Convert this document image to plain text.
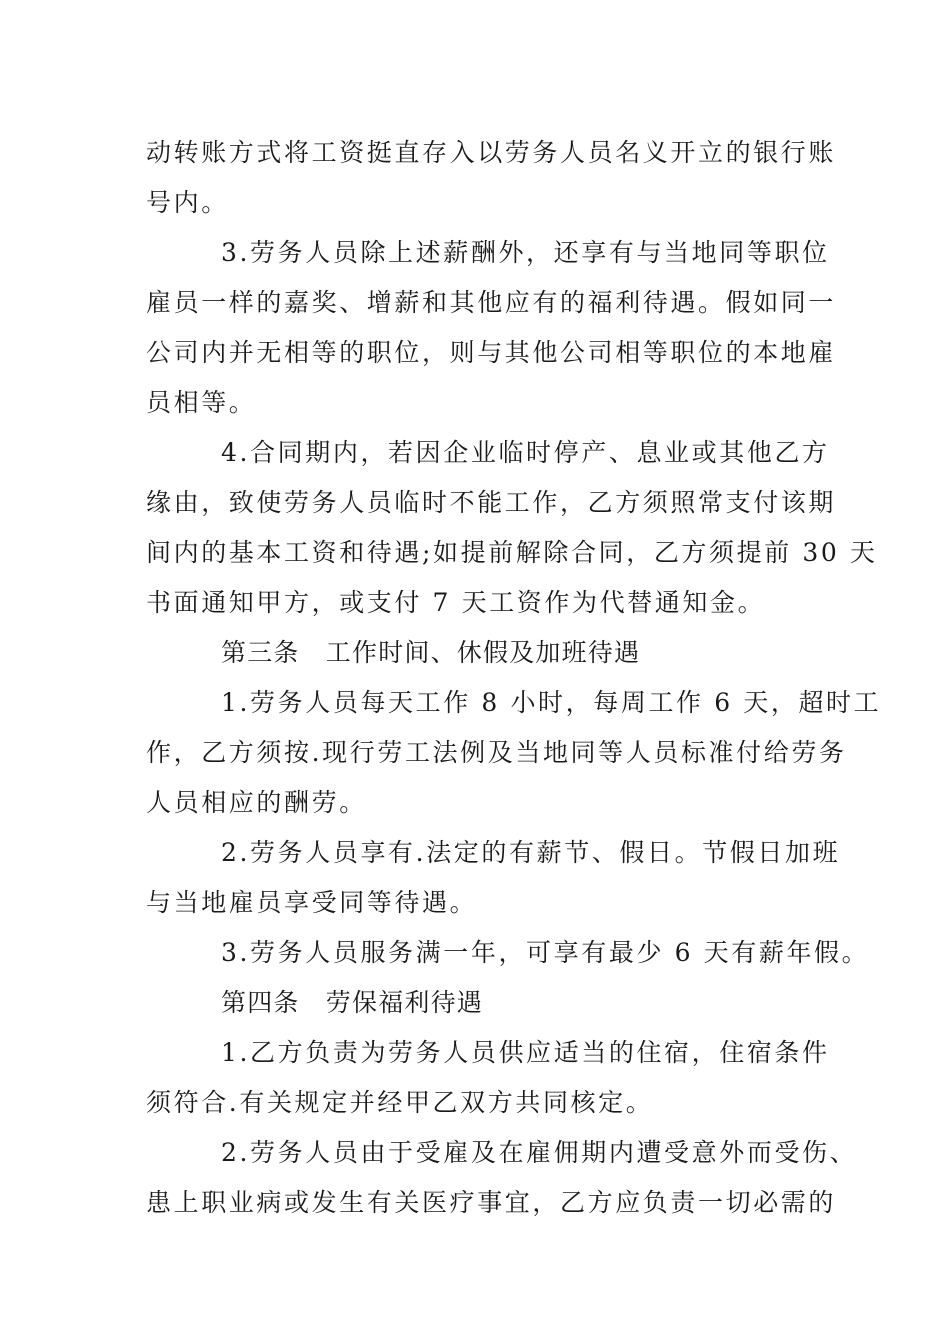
动转账方式将工资挺直存入以劳务人员名义开立的银行账
号内。
3.劳务人员除上述薪酬外，还享有与当地同等职位
雇员一样的嘉奖、增薪和其他应有的福利待遇。假如同一
公司内并无相等的职位，则与其他公司相等职位的本地雇
员相等。
4.合同期内，若因企业临时停产、息业或其他乙方
缘由，致使劳务人员临时不能工作，乙方须照常支付该期
间内的基本工资和待遇;如提前解除合同，乙方须提前 30 天
书面通知甲方，或支付 7 天工资作为代替通知金。
第三条　工作时间、休假及加班待遇
1.劳务人员每天工作 8 小时，每周工作 6 天，超时工
作，乙方须按.现行劳工法例及当地同等人员标准付给劳务
人员相应的酬劳。
2.劳务人员享有.法定的有薪节、假日。节假日加班
与当地雇员享受同等待遇。
3.劳务人员服务满一年，可享有最少 6 天有薪年假。
第四条　劳保福利待遇
1.乙方负责为劳务人员供应适当的住宿，住宿条件
须符合.有关规定并经甲乙双方共同核定。
2.劳务人员由于受雇及在雇佣期内遭受意外而受伤、
患上职业病或发生有关医疗事宜，乙方应负责一切必需的
